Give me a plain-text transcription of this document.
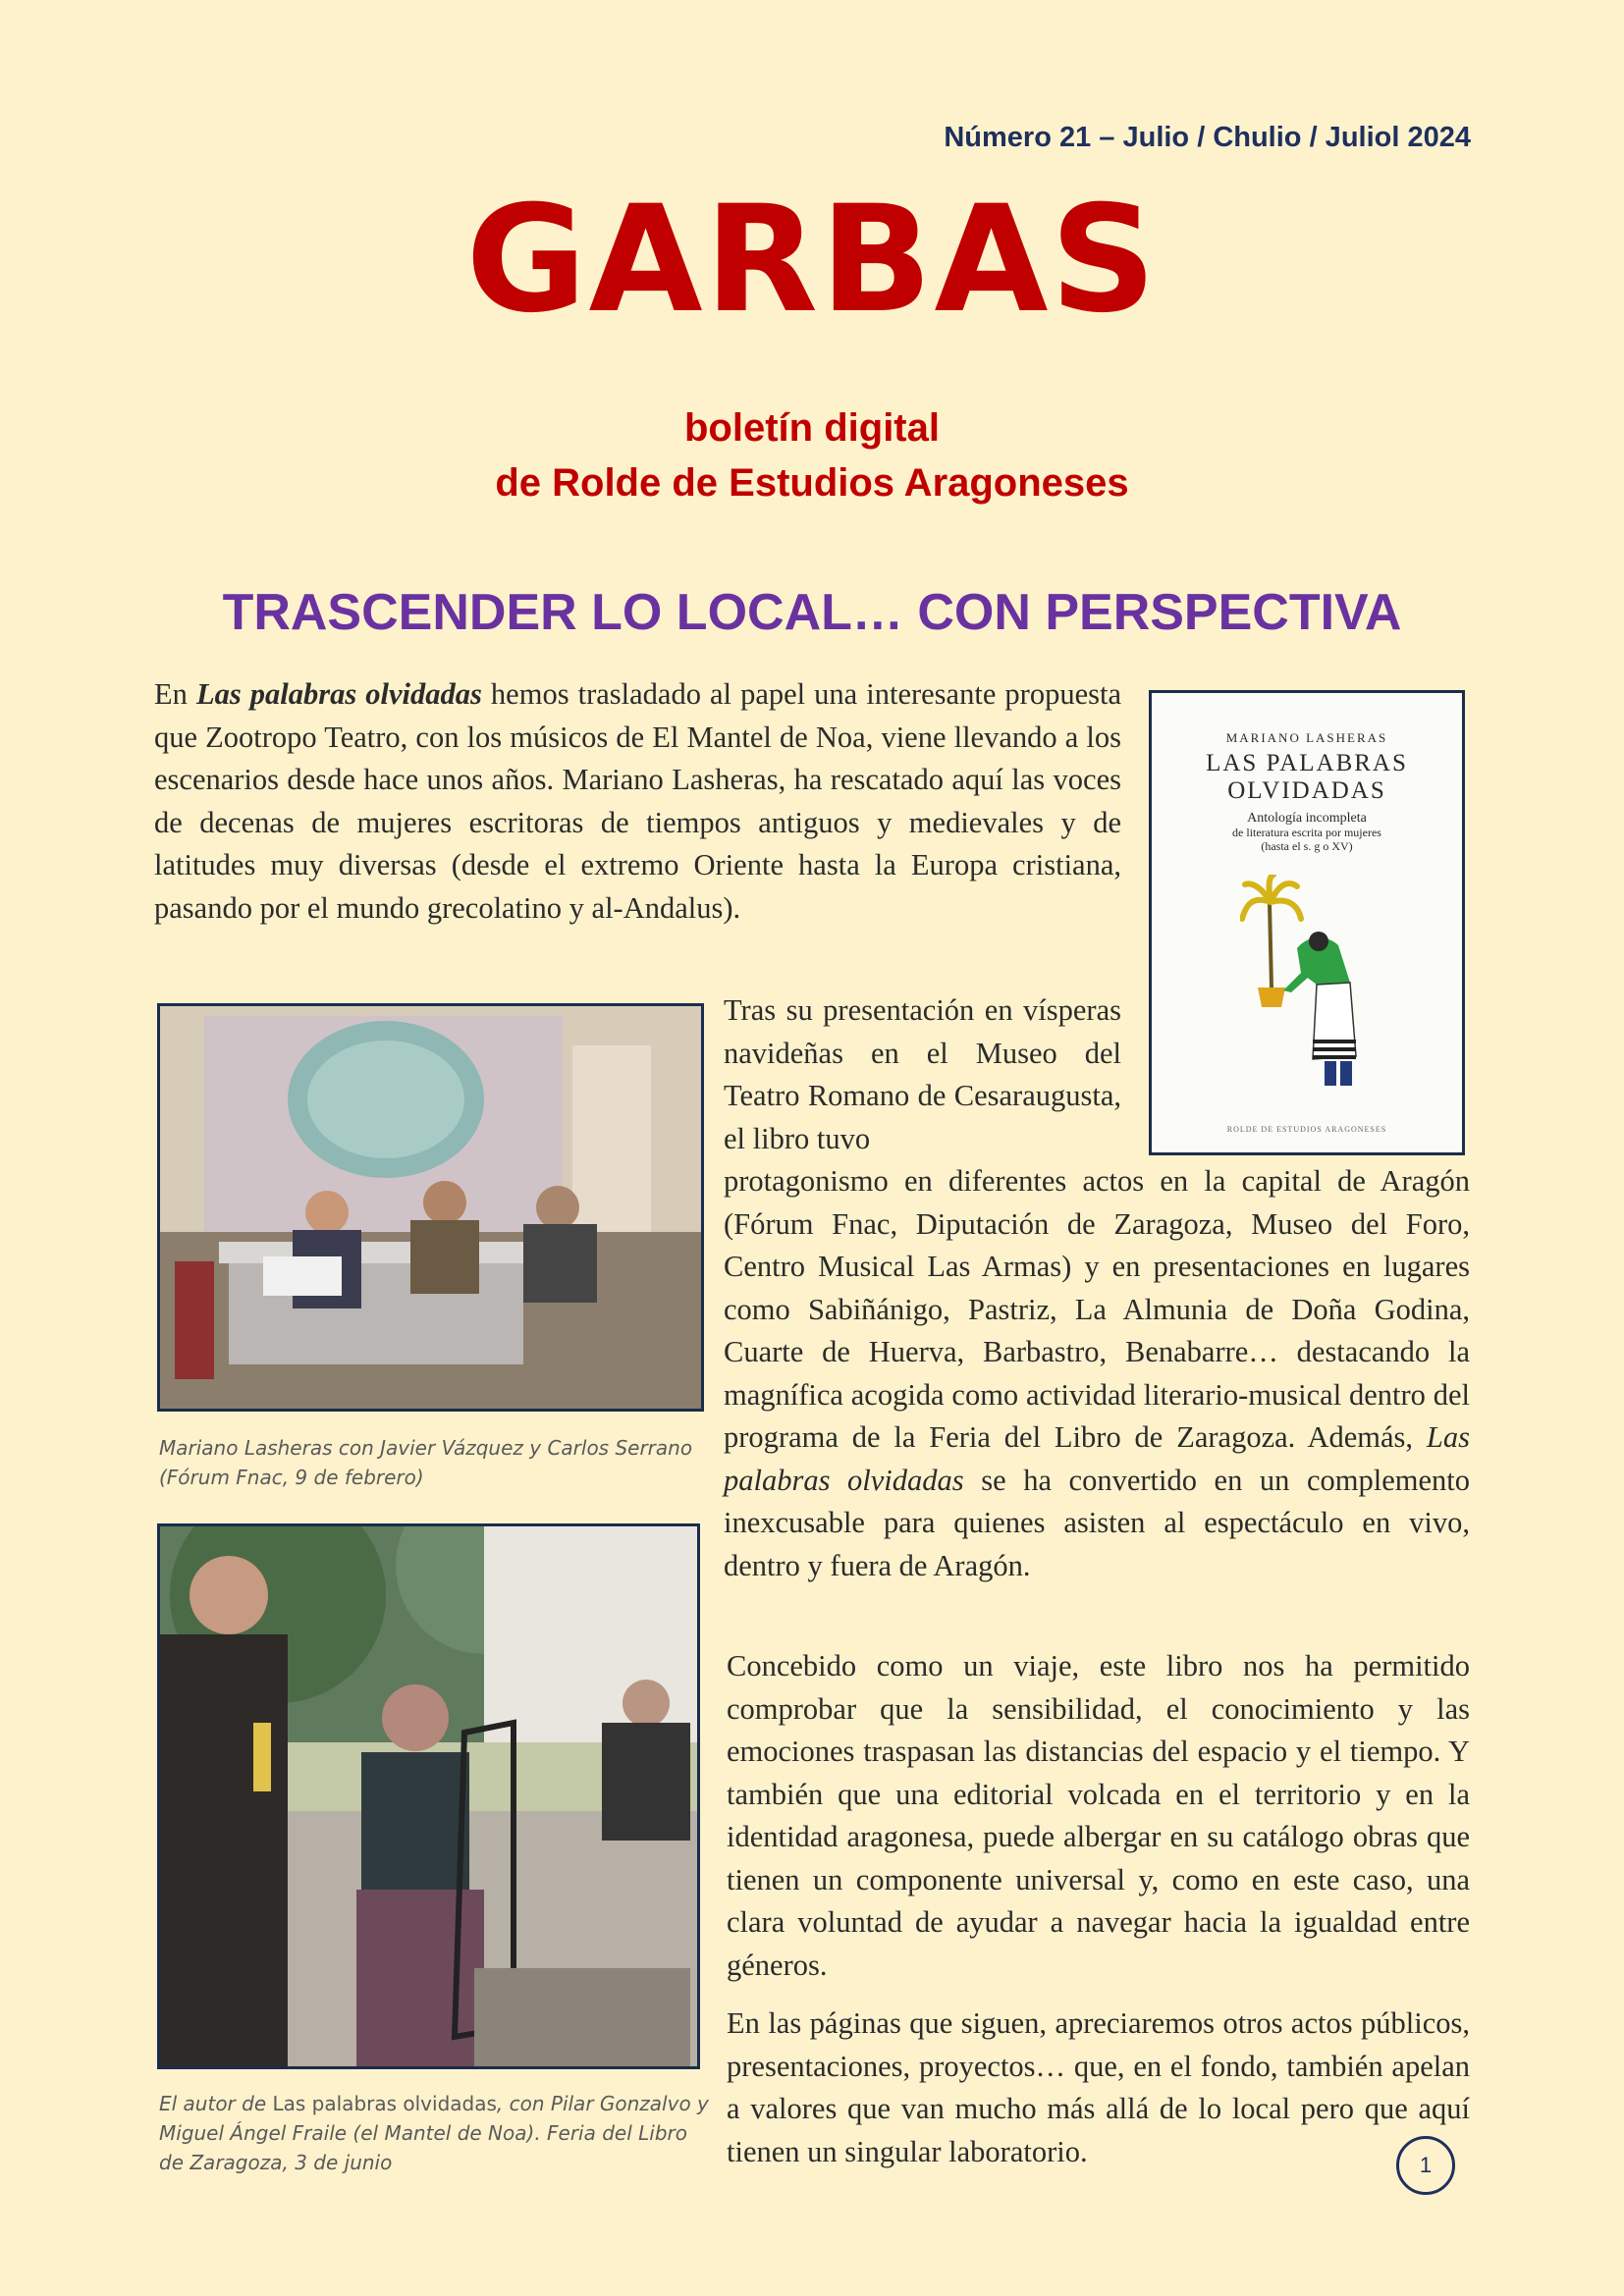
Número 21 – Julio / Chulio / Juliol 2024
GARBAS
boletín digital
de Rolde de Estudios Aragoneses
TRASCENDER LO LOCAL… CON PERSPECTIVA

En Las palabras olvidadas hemos trasladado al papel una interesante propuesta que Zootropo Teatro, con los músicos de El Mantel de Noa, viene llevando a los escenarios desde hace unos años. Mariano Lasheras, ha rescatado aquí las voces de decenas de mujeres escritoras de tiempos antiguos y medievales y de latitudes muy diversas (desde el extremo Oriente hasta la Europa cristiana, pasando por el mundo grecolatino y al-Andalus).

MARIANO LASHERAS
LAS PALABRAS
OLVIDADAS
Antología incompleta
de literatura escrita por mujeres
(hasta el s. g o XV)
ROLDE DE ESTUDIOS ARAGONESES
Mariano Lasheras con Javier Vázquez y Carlos Serrano (Fórum Fnac, 9 de febrero)
El autor de Las palabras olvidadas, con Pilar Gonzalvo y Miguel Ángel Fraile (el Mantel de Noa). Feria del Libro de Zaragoza, 3 de junio

Tras su presentación en vísperas navideñas en el Museo del Teatro Romano de Cesaraugusta, el libro tuvo

protagonismo en diferentes actos en la capital de Aragón (Fórum Fnac, Diputación de Zaragoza, Museo del Foro, Centro Musical Las Armas) y en presentaciones en lugares como Sabiñánigo, Pastriz, La Almunia de Doña Godina, Cuarte de Huerva, Barbastro, Benabarre… destacando la magnífica acogida como actividad literario-musical dentro del programa de la Feria del Libro de Zaragoza. Además, Las palabras olvidadas se ha convertido en un complemento inexcusable para quienes asisten al espectáculo en vivo, dentro y fuera de Aragón.

Concebido como un viaje, este libro nos ha permitido comprobar que la sensibilidad, el conocimiento y las emociones traspasan las distancias del espacio y el tiempo. Y también que una editorial volcada en el territorio y en la identidad aragonesa, puede albergar en su catálogo obras que tienen un componente universal y, como en este caso, una clara voluntad de ayudar a navegar hacia la igualdad entre géneros.

En las páginas que siguen, apreciaremos otros actos públicos, presentaciones, proyectos… que, en el fondo, también apelan a valores que van mucho más allá de lo local pero que aquí tienen un singular laboratorio.	1
